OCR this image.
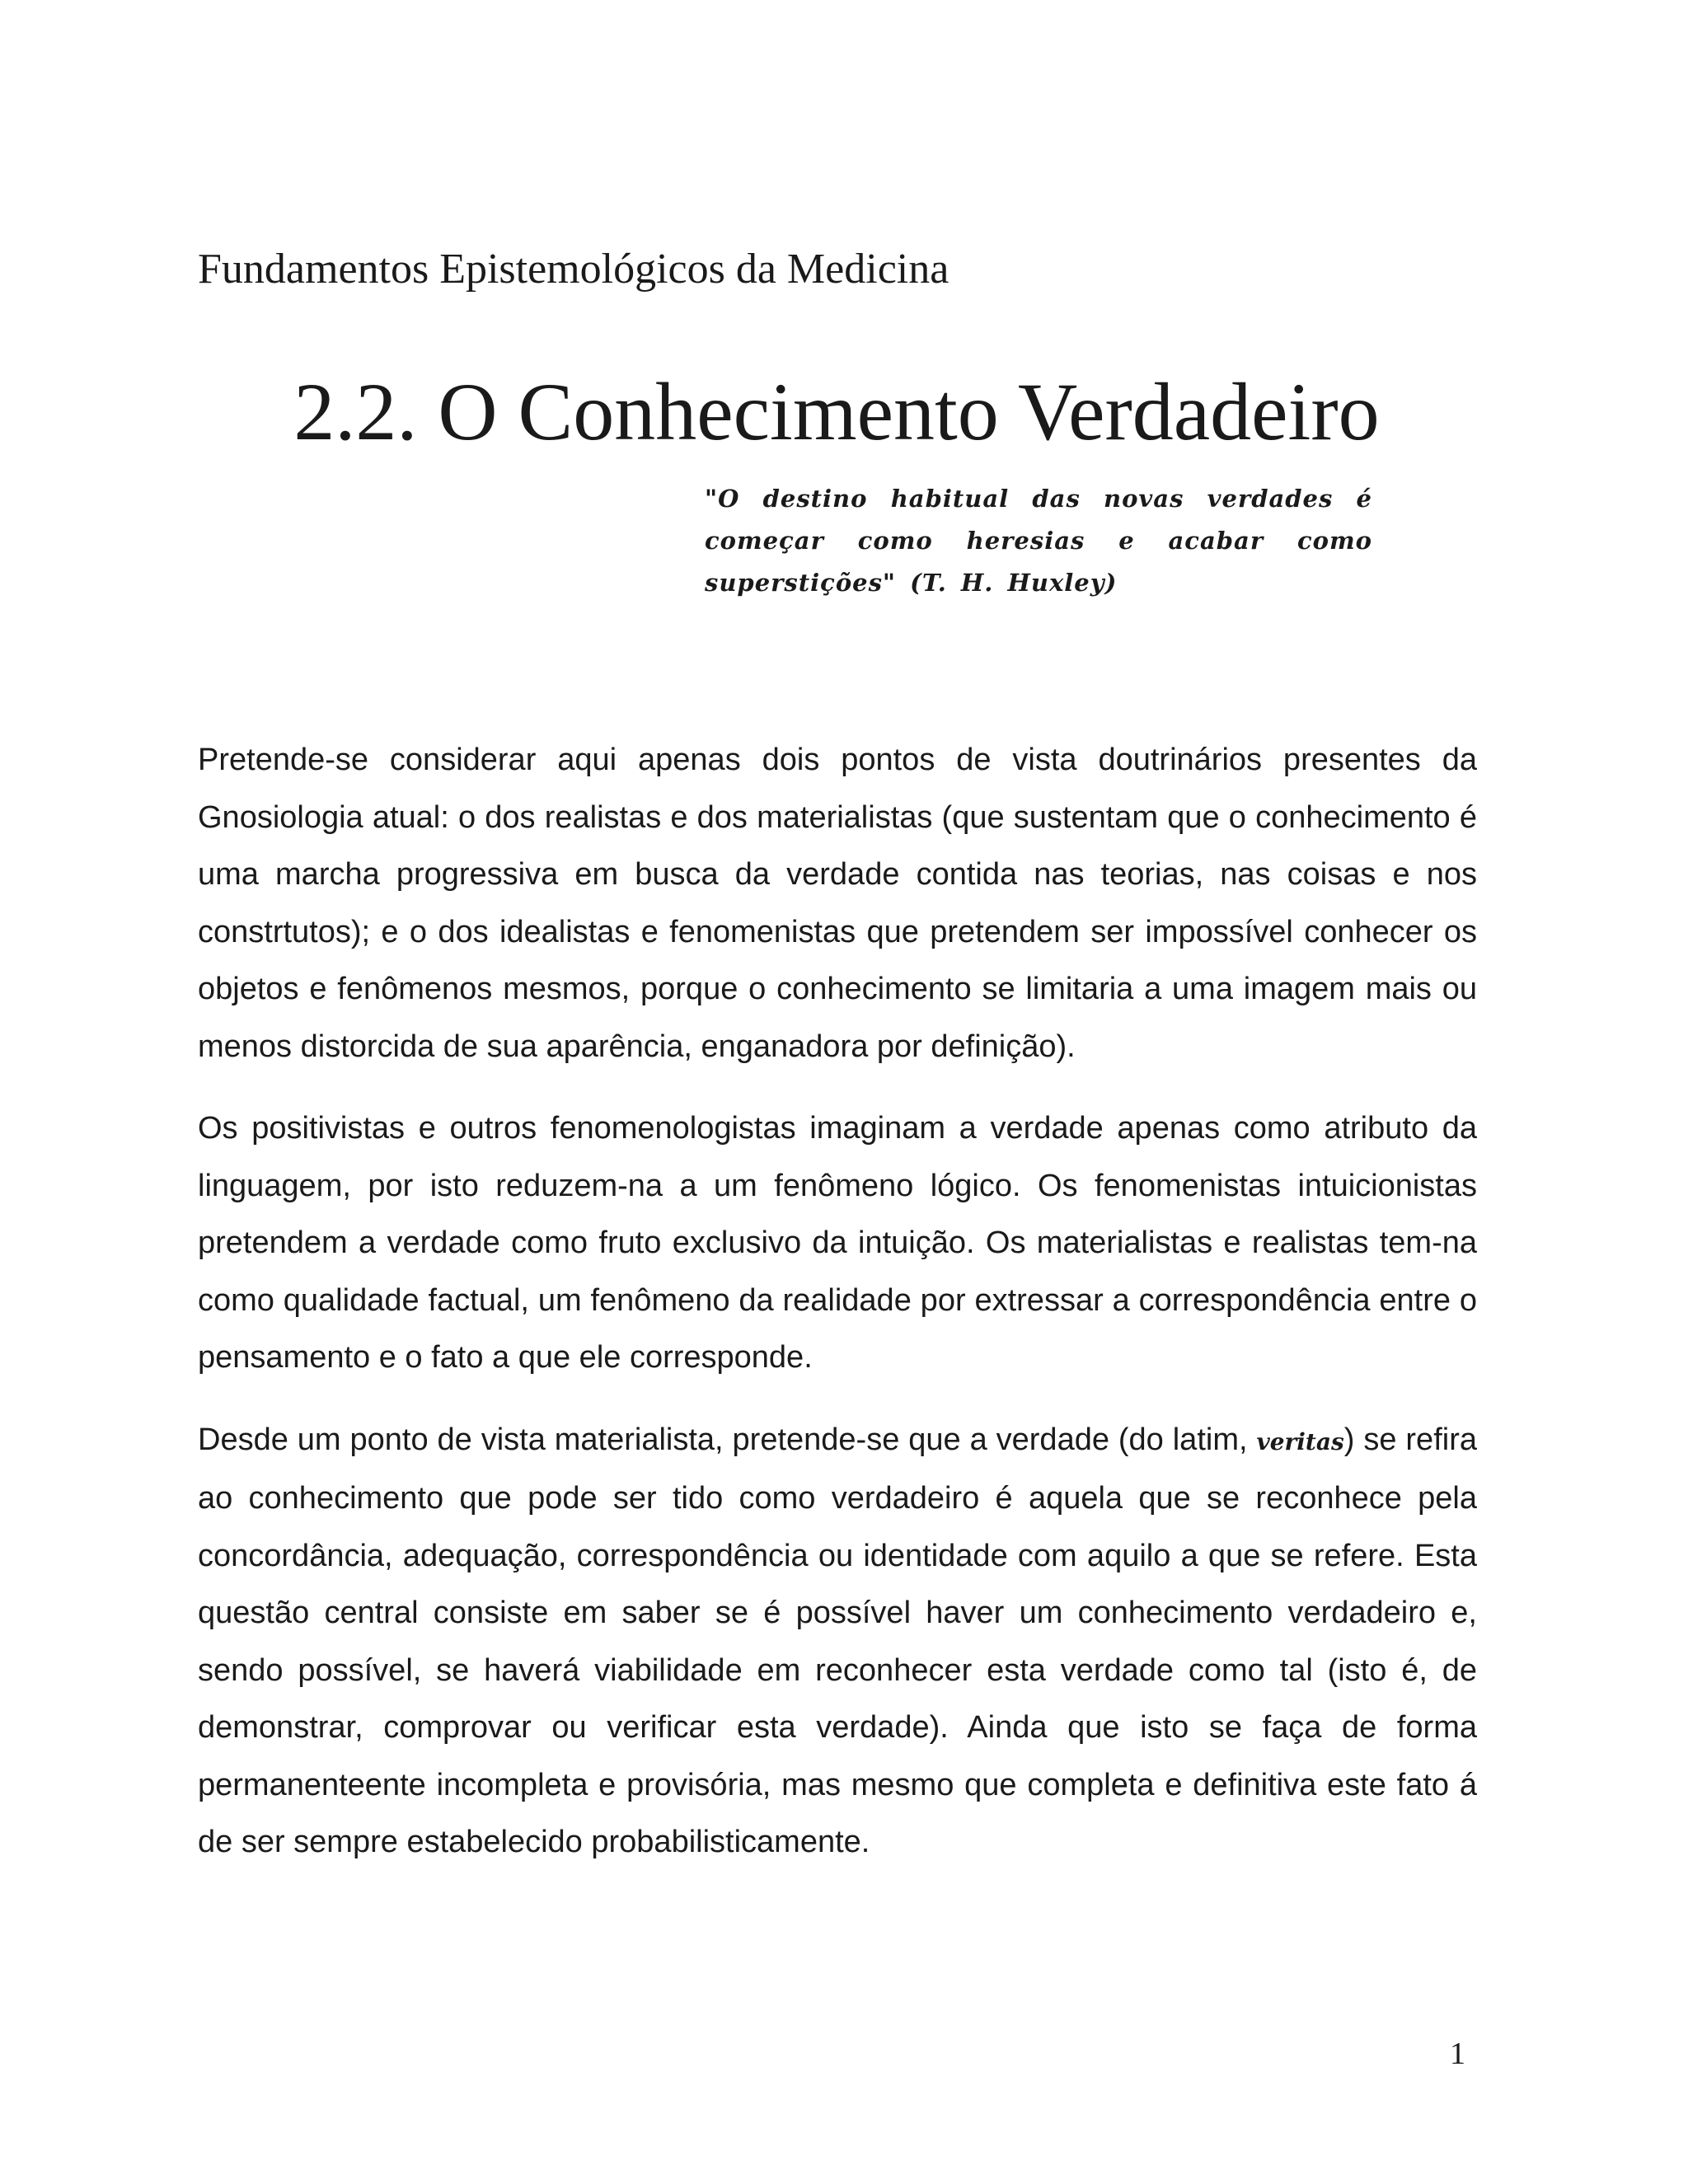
Fundamentos Epistemológicos da Medicina
2.2. O Conhecimento Verdadeiro
"O destino habitual das novas verdades é começar como heresias e acabar como superstições" (T. H. Huxley)

Pretende-se considerar aqui apenas dois pontos de vista doutrinários presentes da Gnosiologia atual: o dos realistas e dos materialistas (que sustentam que o conhecimento é uma marcha progressiva em busca da verdade contida nas teorias, nas coisas e nos constrtutos); e o dos idealistas e fenomenistas que pretendem ser impossível conhecer os objetos e fenômenos mesmos, porque o conhecimento se limitaria a uma imagem mais ou menos distorcida de sua aparência, enganadora por definição).

Os positivistas e outros fenomenologistas imaginam a verdade apenas como atributo da linguagem, por isto reduzem-na a um fenômeno lógico. Os fenomenistas intuicionistas pretendem a verdade como fruto exclusivo da intuição. Os materialistas e realistas tem-na como qualidade factual, um fenômeno da realidade por extressar a correspondência entre o pensamento e o fato a que ele corresponde.

Desde um ponto de vista materialista, pretende-se que a verdade (do latim, veritas) se refira ao conhecimento que pode ser tido como verdadeiro é aquela que se reconhece pela concordância, adequação, correspondência ou identidade com aquilo a que se refere. Esta questão central consiste em saber se é possível haver um conhecimento verdadeiro e, sendo possível, se haverá viabilidade em reconhecer esta verdade como tal (isto é, de demonstrar, comprovar ou verificar esta verdade). Ainda que isto se faça de forma permanenteente incompleta e provisória, mas mesmo que completa e definitiva este fato á de ser sempre estabelecido probabilisticamente.

1
